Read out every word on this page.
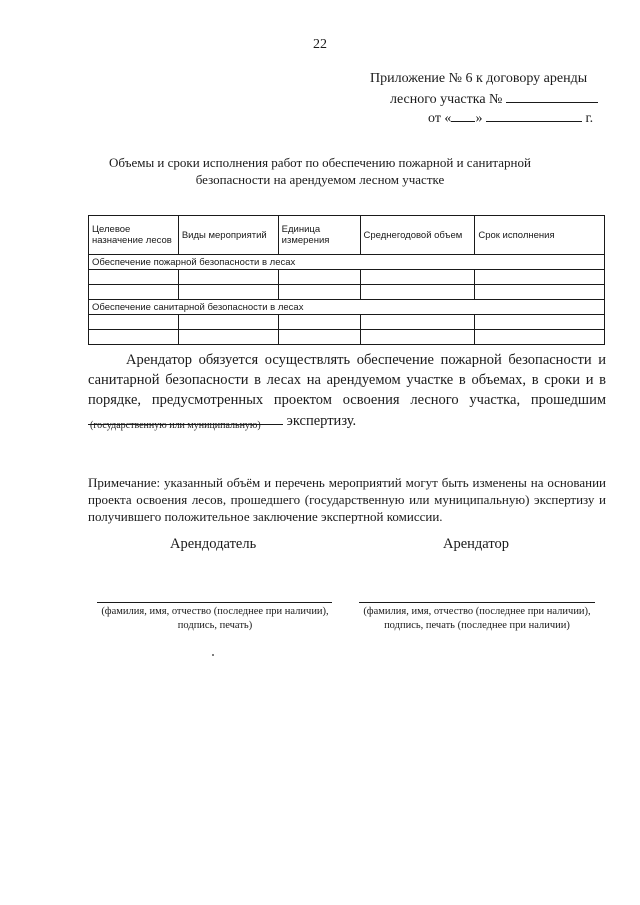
22
Приложение № 6 к договору аренды
лесного участка №
от « »	г.
Объемы и сроки исполнения работ по обеспечению пожарной и санитарной
безопасности на арендуемом лесном участке
Целевое назначение лесов	Виды мероприятий	Единица измерения	Среднегодовой объем	Срок исполнения
Обеспечение пожарной безопасности в лесах				

Обеспечение санитарной безопасности в лесах				

Арендатор обязуется осуществлять обеспечение пожарной безопасности и санитарной безопасности в лесах на арендуемом участке в объемах, в сроки и в порядке, предусмотренных проектом освоения лесного участка, прошедшим  экспертизу.
(государственную или муниципальную)
Примечание: указанный объём и перечень мероприятий могут быть изменены на основании проекта освоения лесов, прошедшего (государственную или муниципальную) экспертизу и получившего положительное заключение экспертной комиссии.
Арендодатель	Арендатор
(фамилия, имя, отчество (последнее при наличии),
подпись, печать)
(фамилия, имя, отчество (последнее при наличии),
подпись, печать (последнее при наличии)
